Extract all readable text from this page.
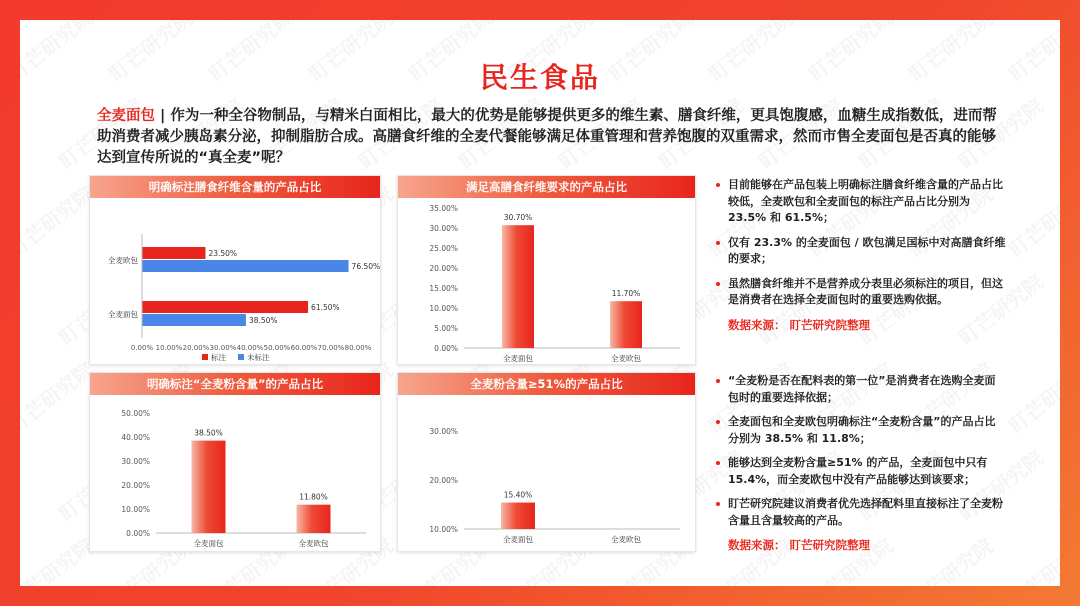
民生食品
全麦面包 | 作为一种全谷物制品，与精米白面相比，最大的优势是能够提供更多的维生素、膳食纤维，更具饱腹感，血糖生成指数低，进而帮助消费者减少胰岛素分泌，抑制脂肪合成。高膳食纤维的全麦代餐能够满足体重管理和营养饱腹的双重需求，然而市售全麦面包是否真的能够达到宣传所说的“真全麦”呢？
明确标注膳食纤维含量的产品占比
全麦欧包
23.50%
76.50%
全麦面包
61.50%
38.50%
0.00% 10.00% 20.00% 30.00% 40.00% 50.00% 60.00% 70.00% 80.00%
标注	未标注
满足高膳食纤维要求的产品占比
0.00%
5.00%
10.00%
15.00%
20.00%
25.00%
30.00%
35.00%
30.70%
全麦面包
11.70%
全麦欧包
明确标注“全麦粉含量”的产品占比
0.00%
10.00%
20.00%
30.00%
40.00%
50.00%
38.50%
全麦面包
11.80%
全麦欧包
全麦粉含量≥51%的产品占比
10.00%
20.00%
30.00%
15.40%
全麦面包	全麦欧包
目前能够在产品包装上明确标注膳食纤维含量的产品占比较低，全麦欧包和全麦面包的标注产品占比分别为 23.5% 和 61.5%；
仅有 23.3% 的全麦面包 / 欧包满足国标中对高膳食纤维的要求；
虽然膳食纤维并不是营养成分表里必须标注的项目，但这是消费者在选择全麦面包时的重要选购依据。
数据来源： 盯芒研究院整理
“全麦粉是否在配料表的第一位”是消费者在选购全麦面包时的重要选择依据；
全麦面包和全麦欧包明确标注“全麦粉含量”的产品占比分别为 38.5% 和 11.8%；
能够达到全麦粉含量≥51% 的产品，全麦面包中只有 15.4%，而全麦欧包中没有产品能够达到该要求；
盯芒研究院建议消费者优先选择配料里直接标注了全麦粉含量且含量较高的产品。
数据来源： 盯芒研究院整理
